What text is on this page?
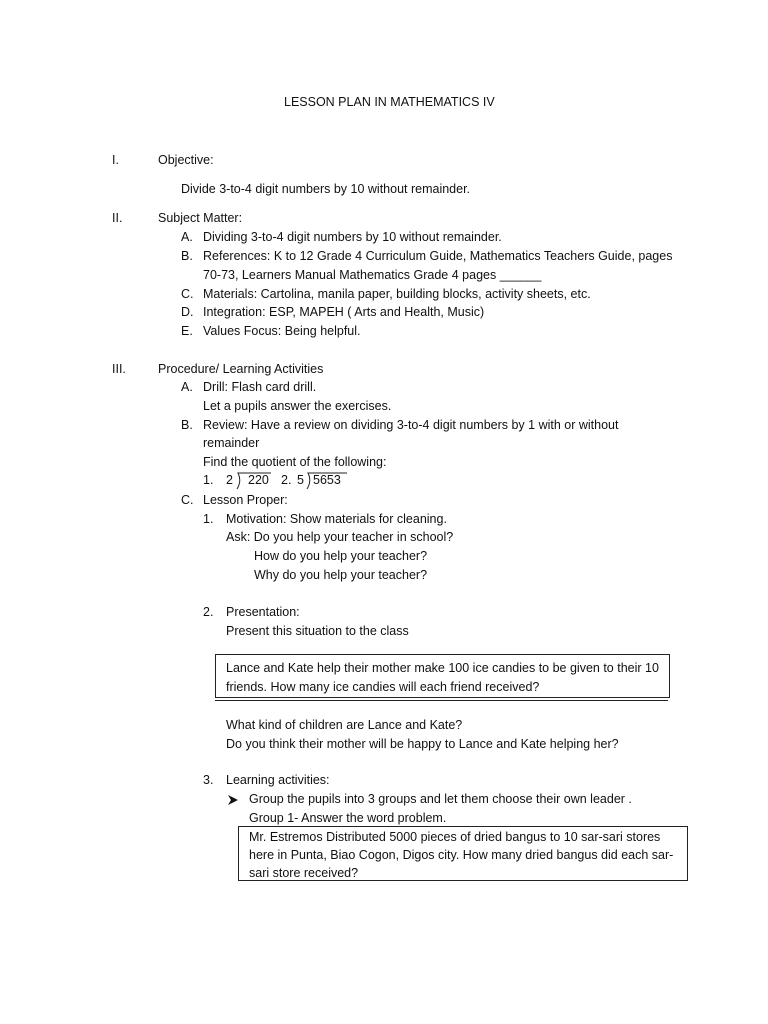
LESSON PLAN IN MATHEMATICS IV
I.	Objective:
Divide 3-to-4 digit numbers by 10 without remainder.
II.	Subject Matter:
A. Dividing 3-to-4 digit numbers by 10 without remainder.
B. References: K to 12 Grade 4 Curriculum Guide, Mathematics Teachers Guide, pages
70-73, Learners Manual Mathematics Grade 4 pages ______
C. Materials: Cartolina, manila paper, building blocks, activity sheets, etc.
D. Integration: ESP, MAPEH ( Arts and Health, Music)
E. Values Focus: Being helpful.
III.	Procedure/ Learning Activities
A. Drill: Flash card drill.
Let a pupils answer the exercises.
B. Review: Have a review on dividing 3-to-4 digit numbers by 1 with or without
remainder
Find the quotient of the following:
1. 2 220 2. 5 5653
C. Lesson Proper:
1. Motivation: Show materials for cleaning.
Ask: Do you help your teacher in school?
How do you help your teacher?
Why do you help your teacher?
2. Presentation:
Present this situation to the class
Lance and Kate help their mother make 100 ice candies to be given to their 10
friends. How many ice candies will each friend received?
What kind of children are Lance and Kate?
Do you think their mother will be happy to Lance and Kate helping her?
3. Learning activities:
Group the pupils into 3 groups and let them choose their own leader .
Group 1- Answer the word problem.
Mr. Estremos Distributed 5000 pieces of dried bangus to 10 sar-sari stores
here in Punta, Biao Cogon, Digos city. How many dried bangus did each sar-
sari store received?
